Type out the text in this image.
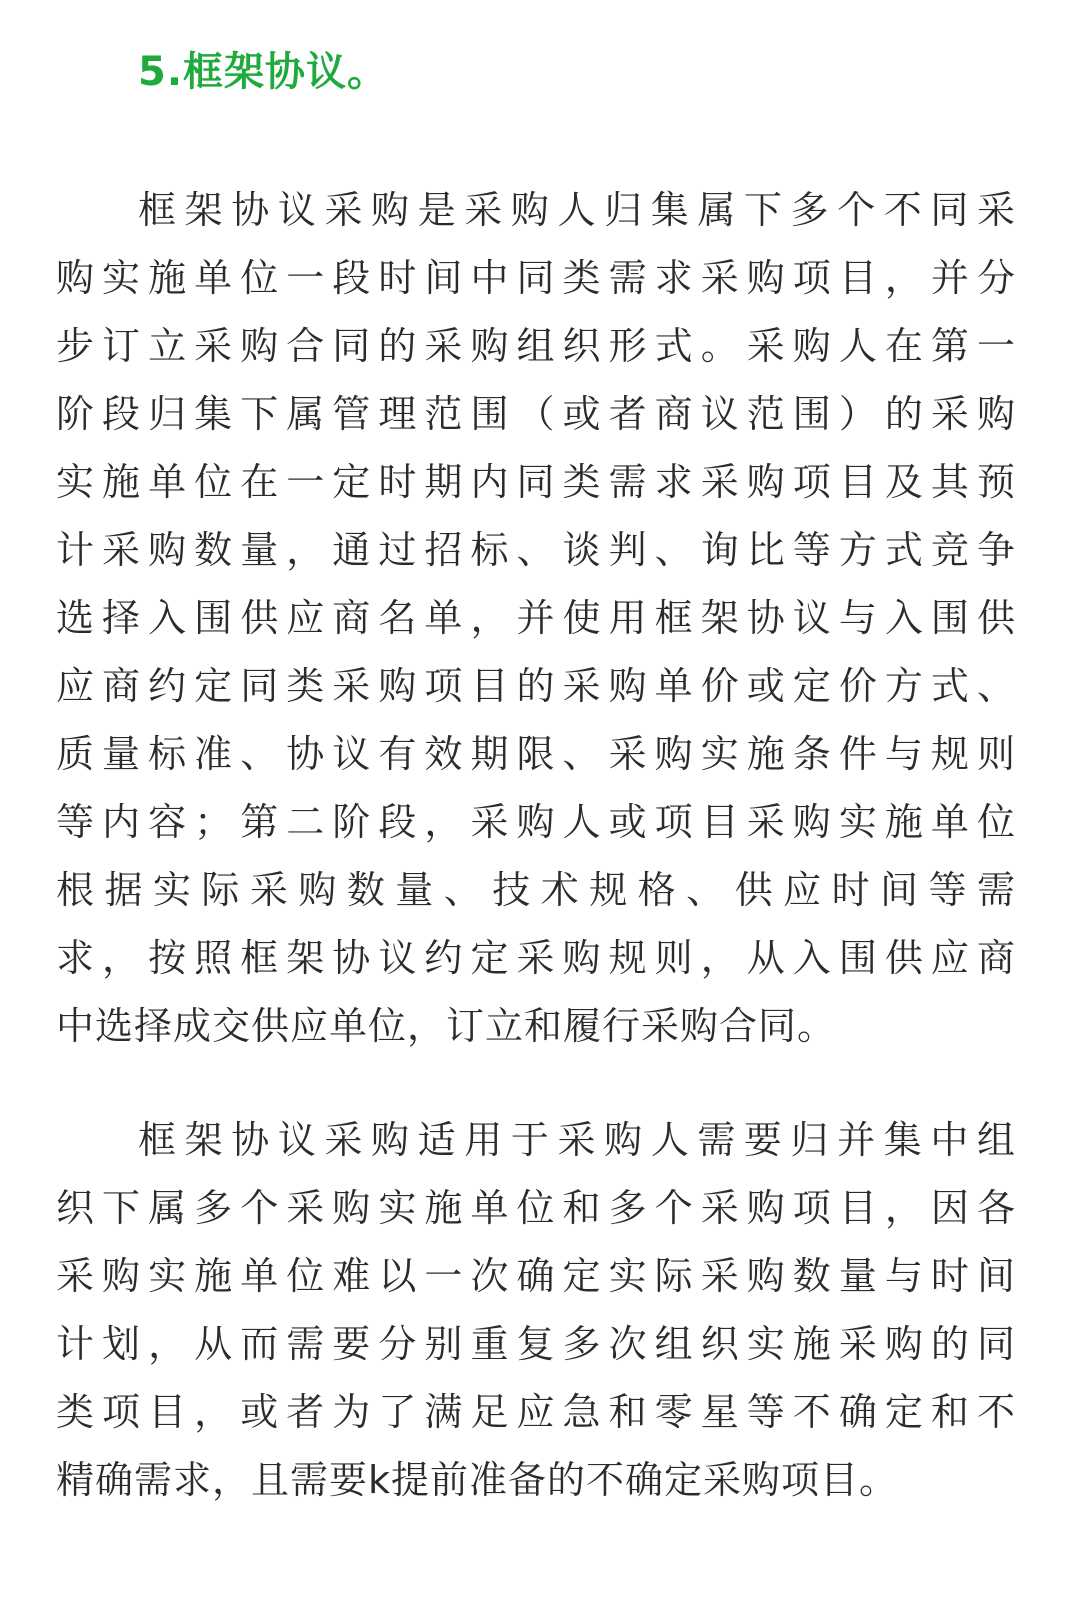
5.框架协议。
框架协议采购是采购人归集属下多个不同采
购实施单位一段时间中同类需求采购项目，并分
步订立采购合同的采购组织形式。采购人在第一
阶段归集下属管理范围（或者商议范围）的采购
实施单位在一定时期内同类需求采购项目及其预
计采购数量，通过招标、谈判、询比等方式竞争
选择入围供应商名单，并使用框架协议与入围供
应商约定同类采购项目的采购单价或定价方式、
质量标准、协议有效期限、采购实施条件与规则
等内容；第二阶段，采购人或项目采购实施单位
根据实际采购数量、技术规格、供应时间等需
求，按照框架协议约定采购规则，从入围供应商
中选择成交供应单位，订立和履行采购合同。
框架协议采购适用于采购人需要归并集中组
织下属多个采购实施单位和多个采购项目，因各
采购实施单位难以一次确定实际采购数量与时间
计划，从而需要分别重复多次组织实施采购的同
类项目，或者为了满足应急和零星等不确定和不
精确需求，且需要k提前准备的不确定采购项目。
